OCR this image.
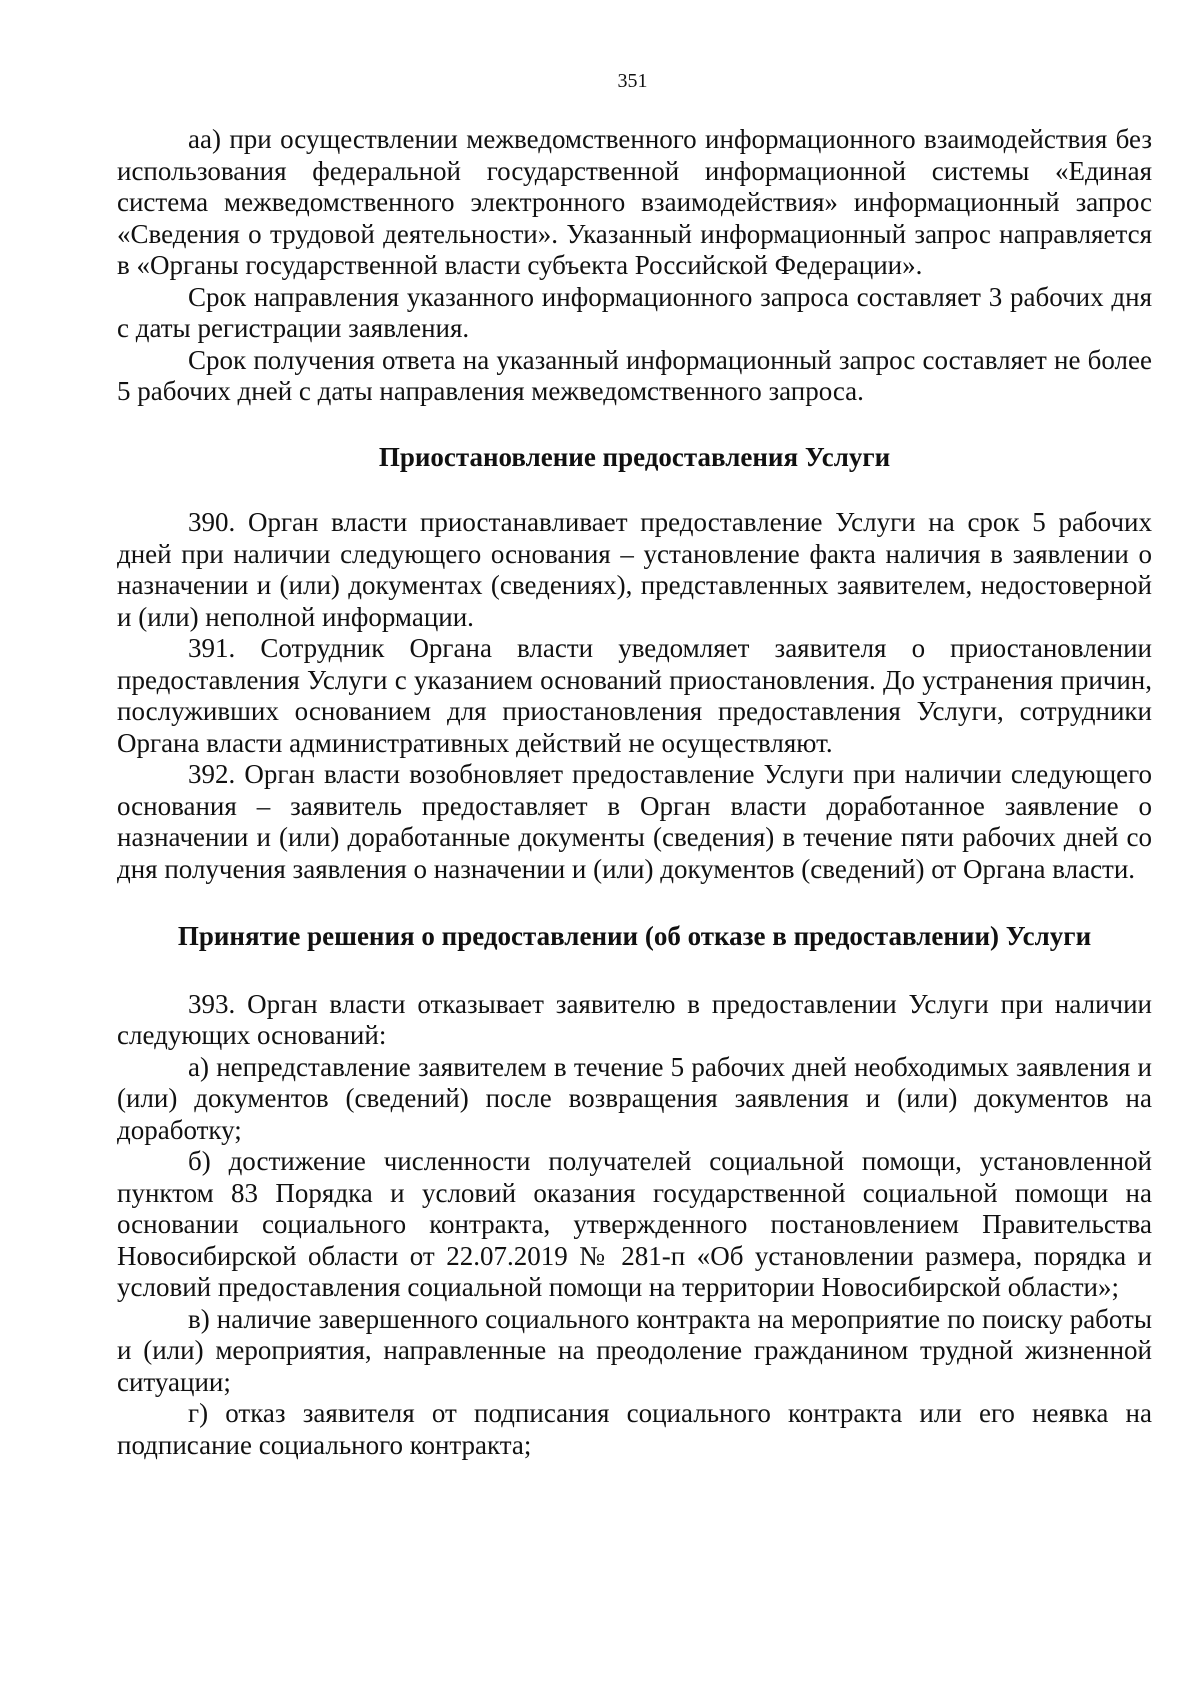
351

аа) при осуществлении межведомственного информационного взаимодействия без использования федеральной государственной информационной системы «Единая система межведомственного электронного взаимодействия» информационный запрос «Сведения о трудовой деятельности». Указанный информационный запрос направляется в «Органы государственной власти субъекта Российской Федерации».

Срок направления указанного информационного запроса составляет 3 рабочих дня с даты регистрации заявления.

Срок получения ответа на указанный информационный запрос составляет не более 5 рабочих дней с даты направления межведомственного запроса.

Приостановление предоставления Услуги

390. Орган власти приостанавливает предоставление Услуги на срок 5 рабочих дней при наличии следующего основания – установление факта наличия в заявлении о назначении и (или) документах (сведениях), представленных заявителем, недостоверной и (или) неполной информации.

391. Сотрудник Органа власти уведомляет заявителя о приостановлении предоставления Услуги с указанием оснований приостановления. До устранения причин, послуживших основанием для приостановления предоставления Услуги, сотрудники Органа власти административных действий не осуществляют.

392. Орган власти возобновляет предоставление Услуги при наличии следующего основания – заявитель предоставляет в Орган власти доработанное заявление о назначении и (или) доработанные документы (сведения) в течение пяти рабочих дней со дня получения заявления о назначении и (или) документов (сведений) от Органа власти.

Принятие решения о предоставлении (об отказе в предоставлении) Услуги

393. Орган власти отказывает заявителю в предоставлении Услуги при наличии следующих оснований:

а) непредставление заявителем в течение 5 рабочих дней необходимых заявления и (или) документов (сведений) после возвращения заявления и (или) документов на доработку;

б) достижение численности получателей социальной помощи, установленной пунктом 83 Порядка и условий оказания государственной социальной помощи на основании социального контракта, утвержденного постановлением Правительства Новосибирской области от 22.07.2019 № 281-п «Об установлении размера, порядка и условий предоставления социальной помощи на территории Новосибирской области»;

в) наличие завершенного социального контракта на мероприятие по поиску работы и (или) мероприятия, направленные на преодоление гражданином трудной жизненной ситуации;

г) отказ заявителя от подписания социального контракта или его неявка на подписание социального контракта;
